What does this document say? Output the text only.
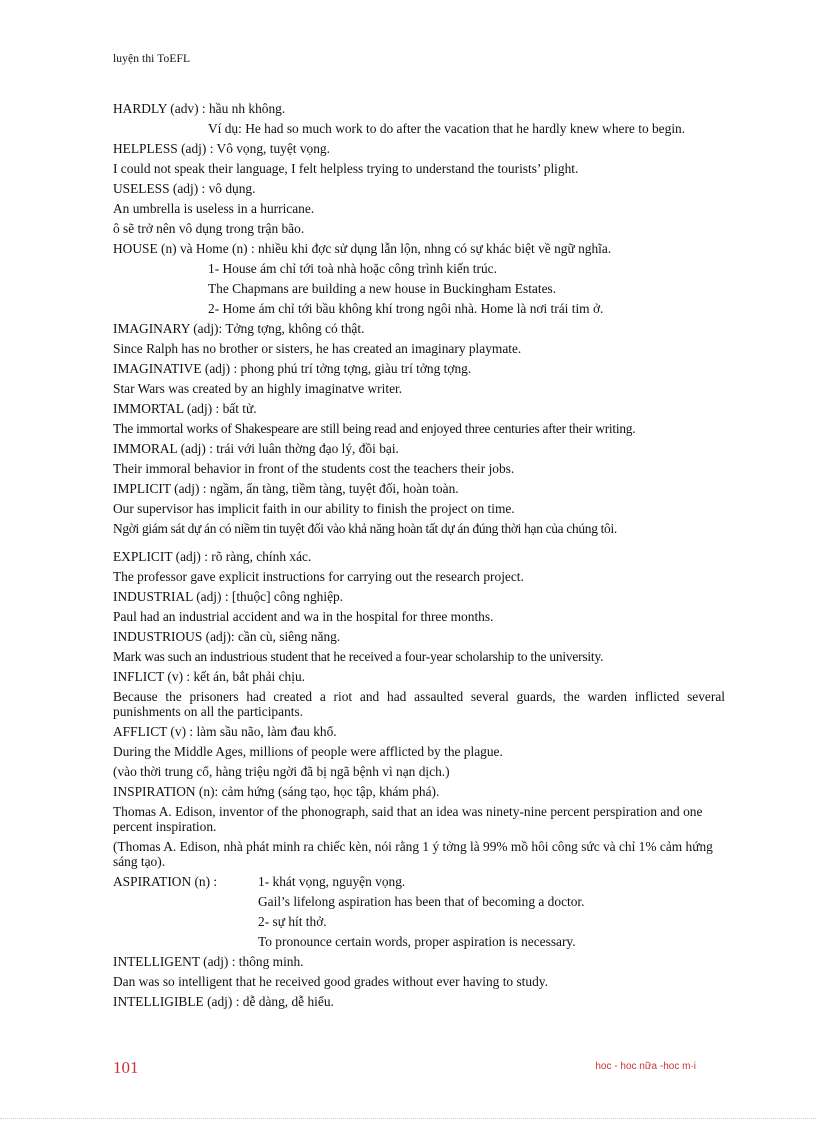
luyện thi ToEFL
HARDLY (adv) : hầu nh không.
Ví dụ: He had so much work to do after the vacation that he hardly knew where to begin.
HELPLESS (adj) : Vô vọng, tuyệt vọng.
I could not speak their language, I felt helpless trying to understand the tourists’ plight.
USELESS (adj) : vô dụng.
An umbrella is useless in a hurricane.
ô sẽ trở nên vô dụng trong trận bão.
HOUSE (n) và Home (n) : nhiều khi đợc sử dụng lẫn lộn, nhng có sự khác biệt về ngữ nghĩa.
1- House ám chỉ tới toà nhà hoặc công trình kiến trúc.
The Chapmans are building a new house in Buckingham Estates.
2- Home ám chỉ tới bầu không khí trong ngôi nhà. Home là nơi trái tim ở.
IMAGINARY (adj): Tởng tợng, không có thật.
Since Ralph has no brother or sisters, he has created an imaginary playmate.
IMAGINATIVE (adj) : phong phú trí tởng tợng, giàu trí tởng tợng.
Star Wars was created by an highly imaginatve writer.
IMMORTAL (adj) : bất tử.
The immortal works of Shakespeare are still being read and enjoyed three centuries after their writing.
IMMORAL (adj) : trái với luân thờng đạo lý, đồi bại.
Their immoral behavior in front of the students cost the teachers their jobs.
IMPLICIT (adj) : ngầm, ẩn tàng, tiềm tàng, tuyệt đối, hoàn toàn.
Our supervisor has implicit faith in our ability to finish the project on time.
Ngời giám sát dự án có niềm tin tuyệt đối vào khả năng hoàn tất dự án đúng thời hạn của chúng tôi.
EXPLICIT (adj) : rõ ràng, chính xác.
The professor gave explicit instructions for carrying out the research project.
INDUSTRIAL (adj) : [thuộc] công nghiệp.
Paul had an industrial accident and wa in the hospital for three months.
INDUSTRIOUS (adj): cần cù, siêng năng.
Mark was such an industrious student that he received a four-year scholarship to the university.
INFLICT (v) : kết án, bắt phải chịu.
Because the prisoners had created a riot and had assaulted several guards, the warden inflicted several punishments on all the participants.
AFFLICT (v) : làm sầu não, làm đau khổ.
During the Middle Ages, millions of people were afflicted by the plague.
(vào thời trung cổ, hàng triệu ngời đã bị ngã bệnh vì nạn dịch.)
INSPIRATION (n): cảm hứng (sáng tạo, học tập, khám phá).
Thomas A. Edison, inventor of the phonograph, said that an idea was ninety-nine percent perspiration and one percent inspiration.
(Thomas A. Edison, nhà phát minh ra chiếc kèn, nói rằng 1 ý tởng là 99% mồ hôi công sức và chỉ 1% cảm hứng sáng tạo).
ASPIRATION (n) :	1- khát vọng, nguyện vọng.
Gail’s lifelong aspiration has been that of becoming a doctor.
2- sự hít thở.
To pronounce certain words, proper aspiration is necessary.
INTELLIGENT (adj) : thông minh.
Dan was so intelligent that he received good grades without ever having to study.
INTELLIGIBLE (adj) : dễ dàng, dễ hiểu.
101	hoc - hoc nữa -hoc m·i
